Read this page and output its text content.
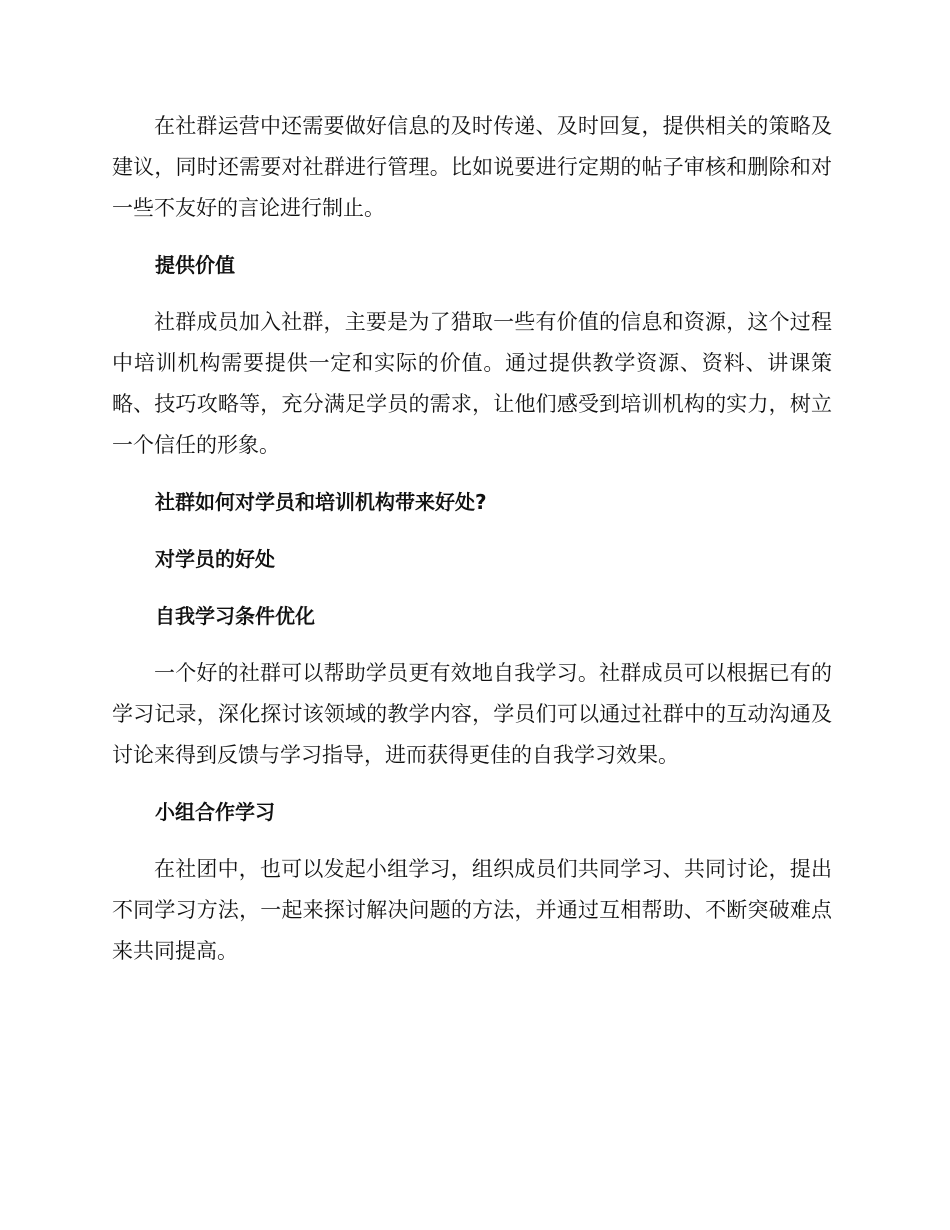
在社群运营中还需要做好信息的及时传递、及时回复，提供相关的策略及建议，同时还需要对社群进行管理。比如说要进行定期的帖子审核和删除和对一些不友好的言论进行制止。

提供价值

社群成员加入社群，主要是为了猎取一些有价值的信息和资源，这个过程中培训机构需要提供一定和实际的价值。通过提供教学资源、资料、讲课策略、技巧攻略等，充分满足学员的需求，让他们感受到培训机构的实力，树立一个信任的形象。

社群如何对学员和培训机构带来好处?

对学员的好处

自我学习条件优化

一个好的社群可以帮助学员更有效地自我学习。社群成员可以根据已有的学习记录，深化探讨该领域的教学内容，学员们可以通过社群中的互动沟通及讨论来得到反馈与学习指导，进而获得更佳的自我学习效果。

小组合作学习

在社团中，也可以发起小组学习，组织成员们共同学习、共同讨论，提出不同学习方法，一起来探讨解决问题的方法，并通过互相帮助、不断突破难点来共同提高。
